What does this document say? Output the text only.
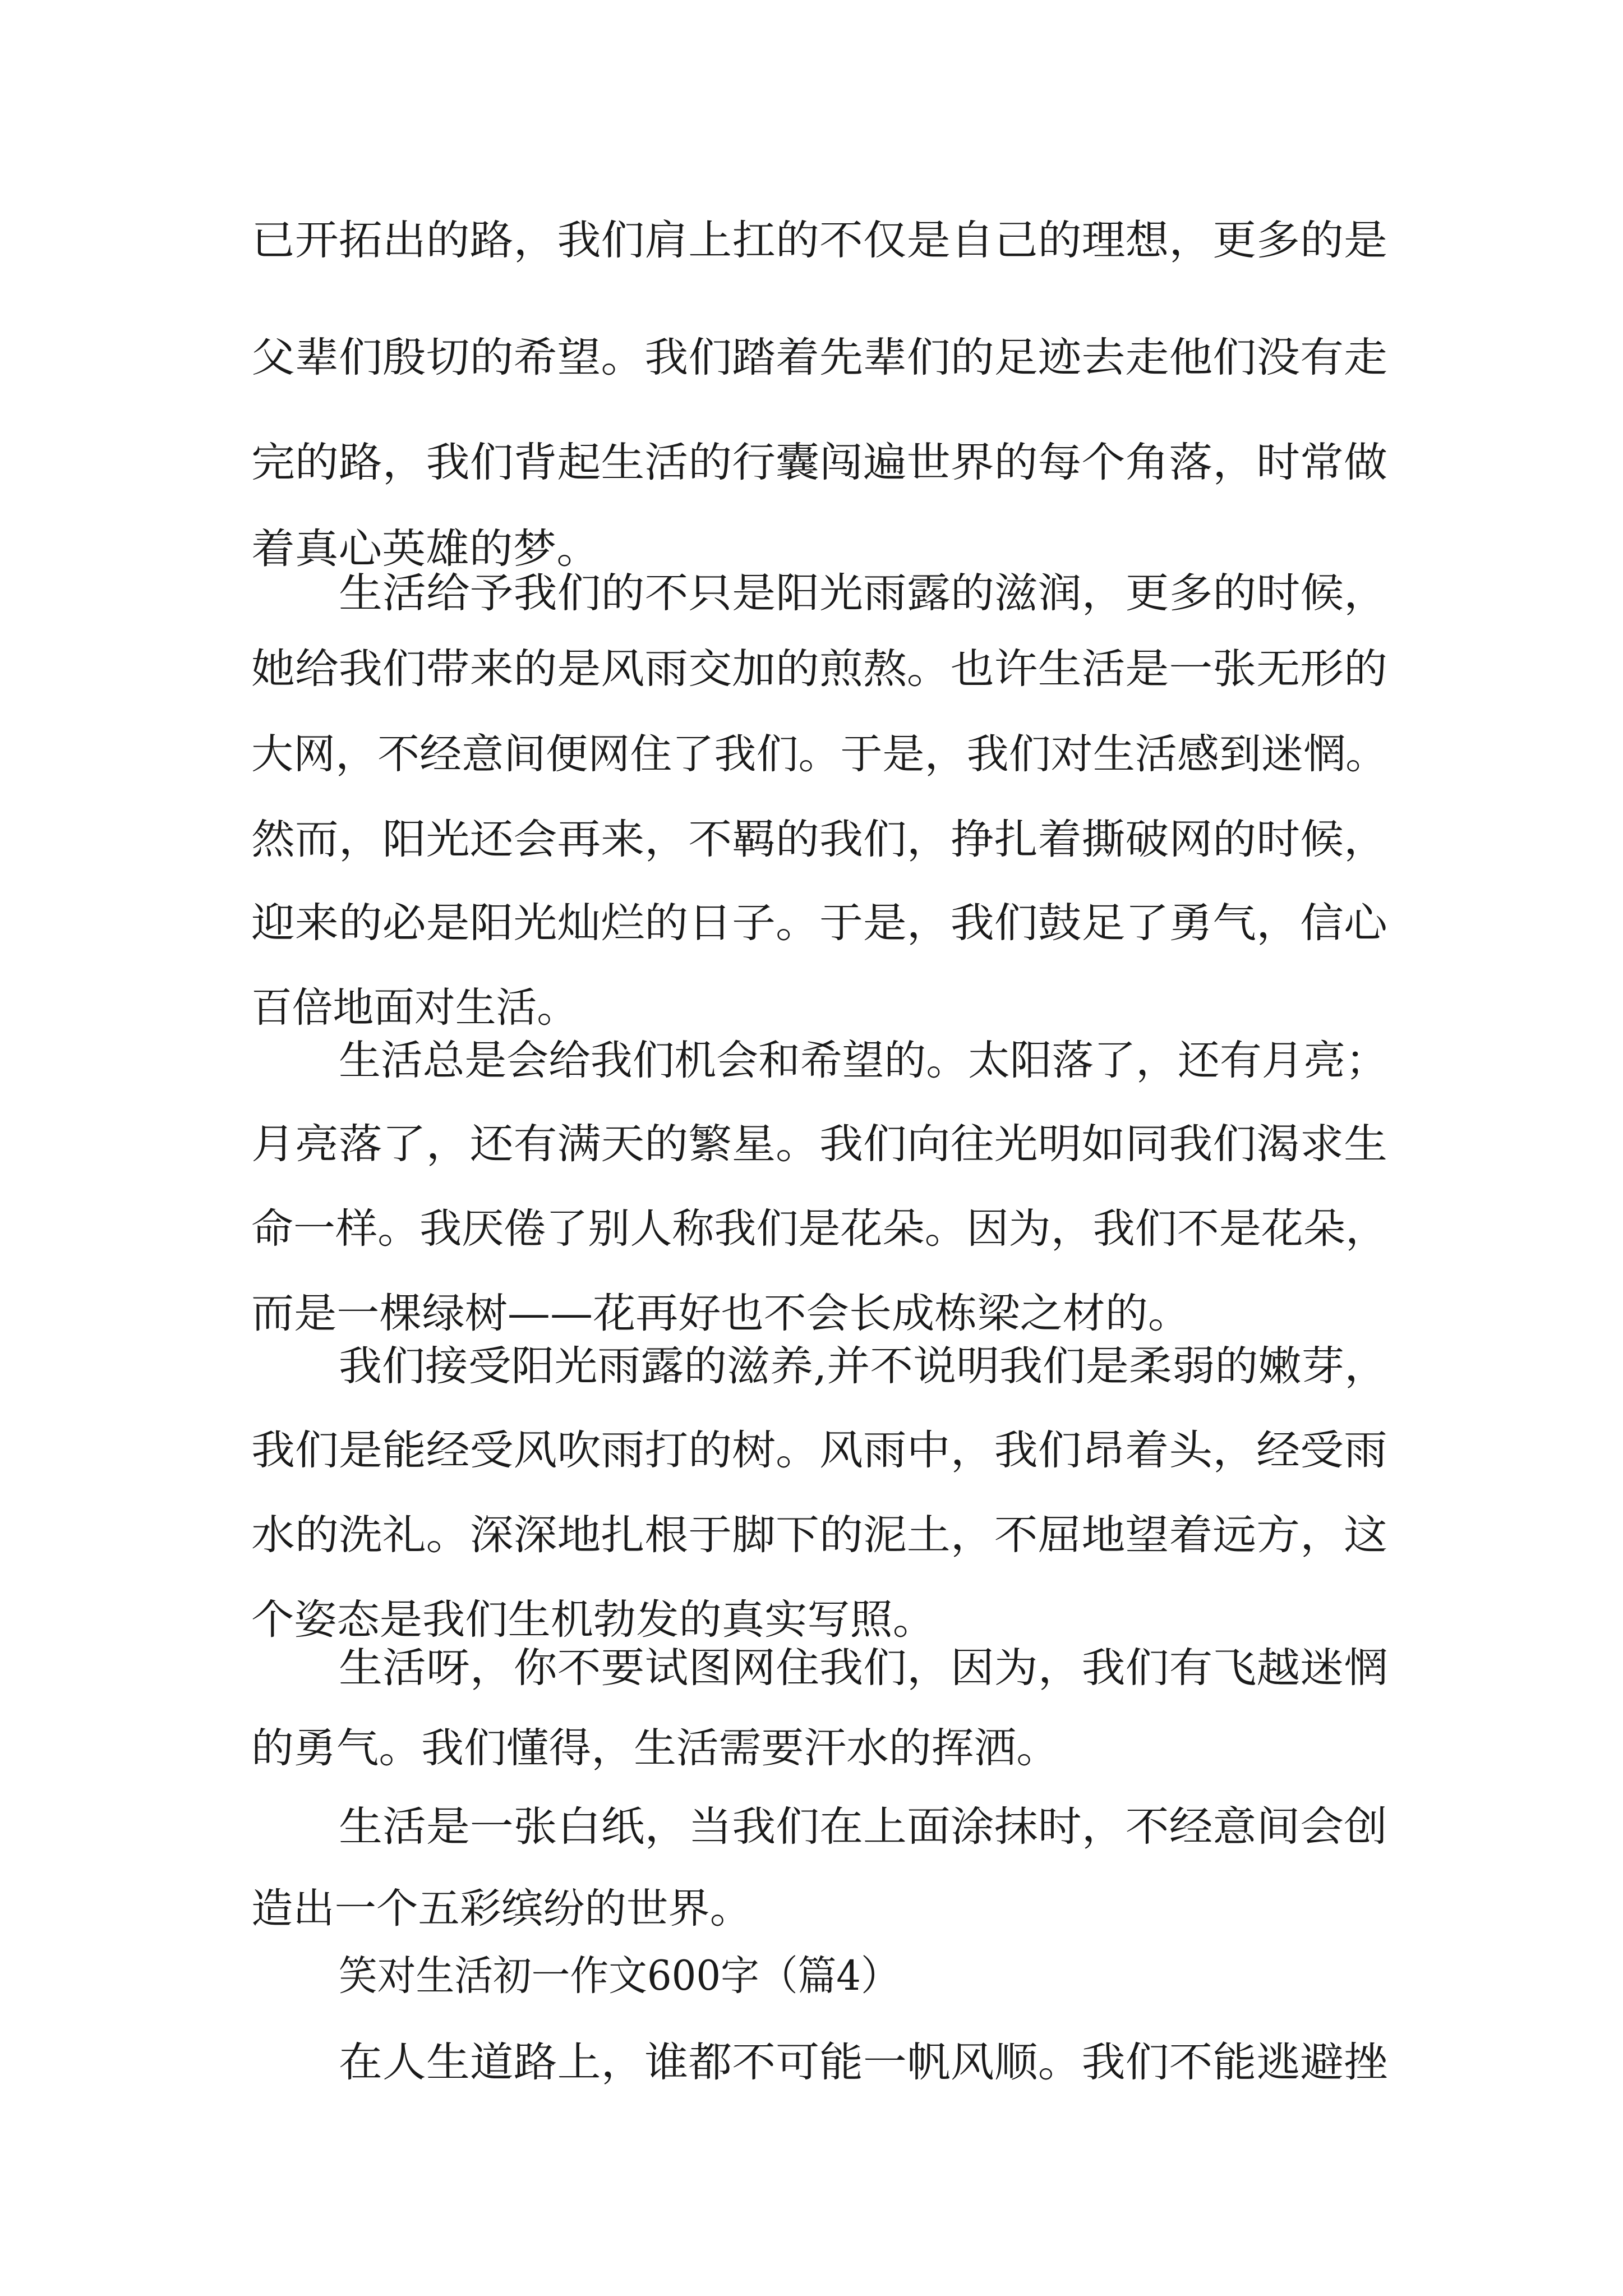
已开拓出的路，我们肩上扛的不仅是自己的理想，更多的是
父辈们殷切的希望。我们踏着先辈们的足迹去走他们没有走
完的路，我们背起生活的行囊闯遍世界的每个角落，时常做
着真心英雄的梦。
生活给予我们的不只是阳光雨露的滋润，更多的时候，
她给我们带来的是风雨交加的煎熬。也许生活是一张无形的
大网，不经意间便网住了我们。于是，我们对生活感到迷惘。
然而，阳光还会再来，不羁的我们，挣扎着撕破网的时候，
迎来的必是阳光灿烂的日子。于是，我们鼓足了勇气，信心
百倍地面对生活。
生活总是会给我们机会和希望的。太阳落了，还有月亮；
月亮落了，还有满天的繁星。我们向往光明如同我们渴求生
命一样。我厌倦了别人称我们是花朵。因为，我们不是花朵，
而是一棵绿树——花再好也不会长成栋梁之材的。
我们接受阳光雨露的滋养,并不说明我们是柔弱的嫩芽，
我们是能经受风吹雨打的树。风雨中，我们昂着头，经受雨
水的洗礼。深深地扎根于脚下的泥土，不屈地望着远方，这
个姿态是我们生机勃发的真实写照。
生活呀，你不要试图网住我们，因为，我们有飞越迷惘
的勇气。我们懂得，生活需要汗水的挥洒。
生活是一张白纸，当我们在上面涂抹时，不经意间会创
造出一个五彩缤纷的世界。
笑对生活初一作文600字（篇4）
在人生道路上，谁都不可能一帆风顺。我们不能逃避挫
